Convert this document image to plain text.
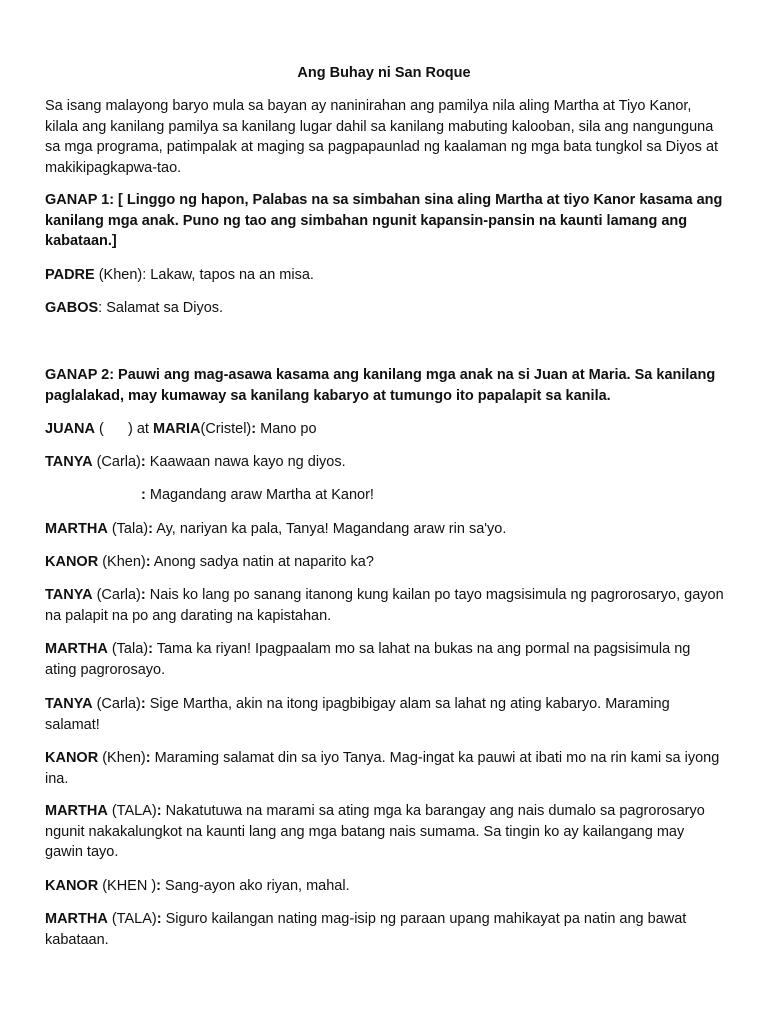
Ang Buhay ni San Roque

Sa isang malayong baryo mula sa bayan ay naninirahan ang pamilya nila aling Martha at Tiyo Kanor, kilala ang kanilang pamilya sa kanilang lugar dahil sa kanilang mabuting kalooban, sila ang nangunguna sa mga programa, patimpalak at maging sa pagpapaunlad ng kaalaman ng mga bata tungkol sa Diyos at makikipagkapwa-tao.

GANAP 1: [ Linggo ng hapon, Palabas na sa simbahan sina aling Martha at tiyo Kanor kasama ang kanilang mga anak. Puno ng tao ang simbahan ngunit kapansin-pansin na kaunti lamang ang kabataan.]

PADRE (Khen): Lakaw, tapos na an misa.

GABOS: Salamat sa Diyos.

GANAP 2: Pauwi ang mag-asawa kasama ang kanilang mga anak na si Juan at Maria. Sa kanilang paglalakad, may kumaway sa kanilang kabaryo at tumungo ito papalapit sa kanila.

JUANA (      ) at MARIA(Cristel): Mano po

TANYA (Carla): Kaawaan nawa kayo ng diyos.

: Magandang araw Martha at Kanor!

MARTHA (Tala): Ay, nariyan ka pala, Tanya! Magandang araw rin sa'yo.

KANOR (Khen): Anong sadya natin at naparito ka?

TANYA (Carla): Nais ko lang po sanang itanong kung kailan po tayo magsisimula ng pagrorosaryo, gayon na palapit na po ang darating na kapistahan.

MARTHA (Tala): Tama ka riyan! Ipagpaalam mo sa lahat na bukas na ang pormal na pagsisimula ng ating pagrorosayo.

TANYA (Carla): Sige Martha, akin na itong ipagbibigay alam sa lahat ng ating kabaryo. Maraming salamat!

KANOR (Khen): Maraming salamat din sa iyo Tanya. Mag-ingat ka pauwi at ibati mo na rin kami sa iyong ina.

MARTHA (TALA): Nakatutuwa na marami sa ating mga ka barangay ang nais dumalo sa pagrorosaryo ngunit nakakalungkot na kaunti lang ang mga batang nais sumama. Sa tingin ko ay kailangang may gawin tayo.

KANOR (KHEN ): Sang-ayon ako riyan, mahal.

MARTHA (TALA): Siguro kailangan nating mag-isip ng paraan upang mahikayat pa natin ang bawat kabataan.
